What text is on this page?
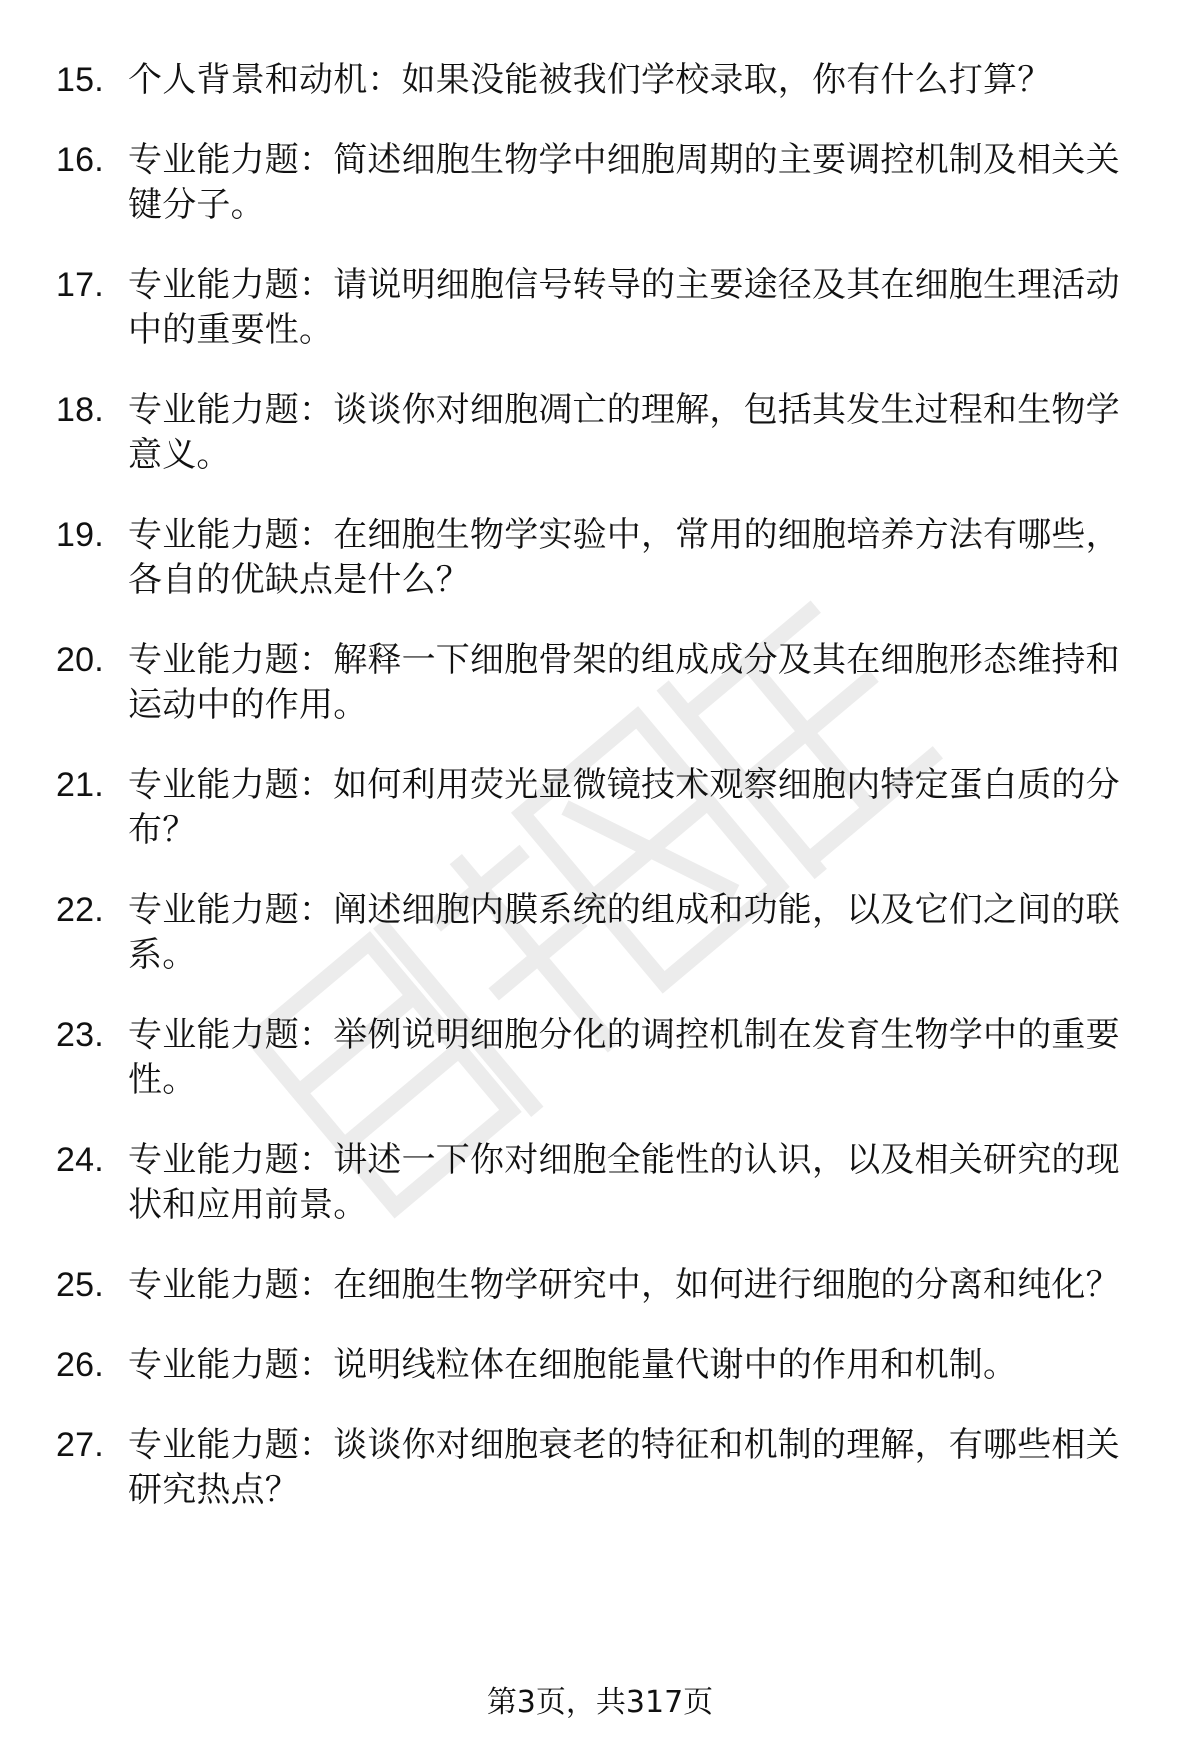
15. 个人背景和动机：如果没能被我们学校录取，你有什么打算？
16. 专业能力题：简述细胞生物学中细胞周期的主要调控机制及相关关键分子。
17. 专业能力题：请说明细胞信号转导的主要途径及其在细胞生理活动中的重要性。
18. 专业能力题：谈谈你对细胞凋亡的理解，包括其发生过程和生物学意义。
19. 专业能力题：在细胞生物学实验中，常用的细胞培养方法有哪些，各自的优缺点是什么？
20. 专业能力题：解释一下细胞骨架的组成成分及其在细胞形态维持和运动中的作用。
21. 专业能力题：如何利用荧光显微镜技术观察细胞内特定蛋白质的分布？
22. 专业能力题：阐述细胞内膜系统的组成和功能，以及它们之间的联系。
23. 专业能力题：举例说明细胞分化的调控机制在发育生物学中的重要性。
24. 专业能力题：讲述一下你对细胞全能性的认识，以及相关研究的现状和应用前景。
25. 专业能力题：在细胞生物学研究中，如何进行细胞的分离和纯化？
26. 专业能力题：说明线粒体在细胞能量代谢中的作用和机制。
27. 专业能力题：谈谈你对细胞衰老的特征和机制的理解，有哪些相关研究热点？
第3页，共317页
